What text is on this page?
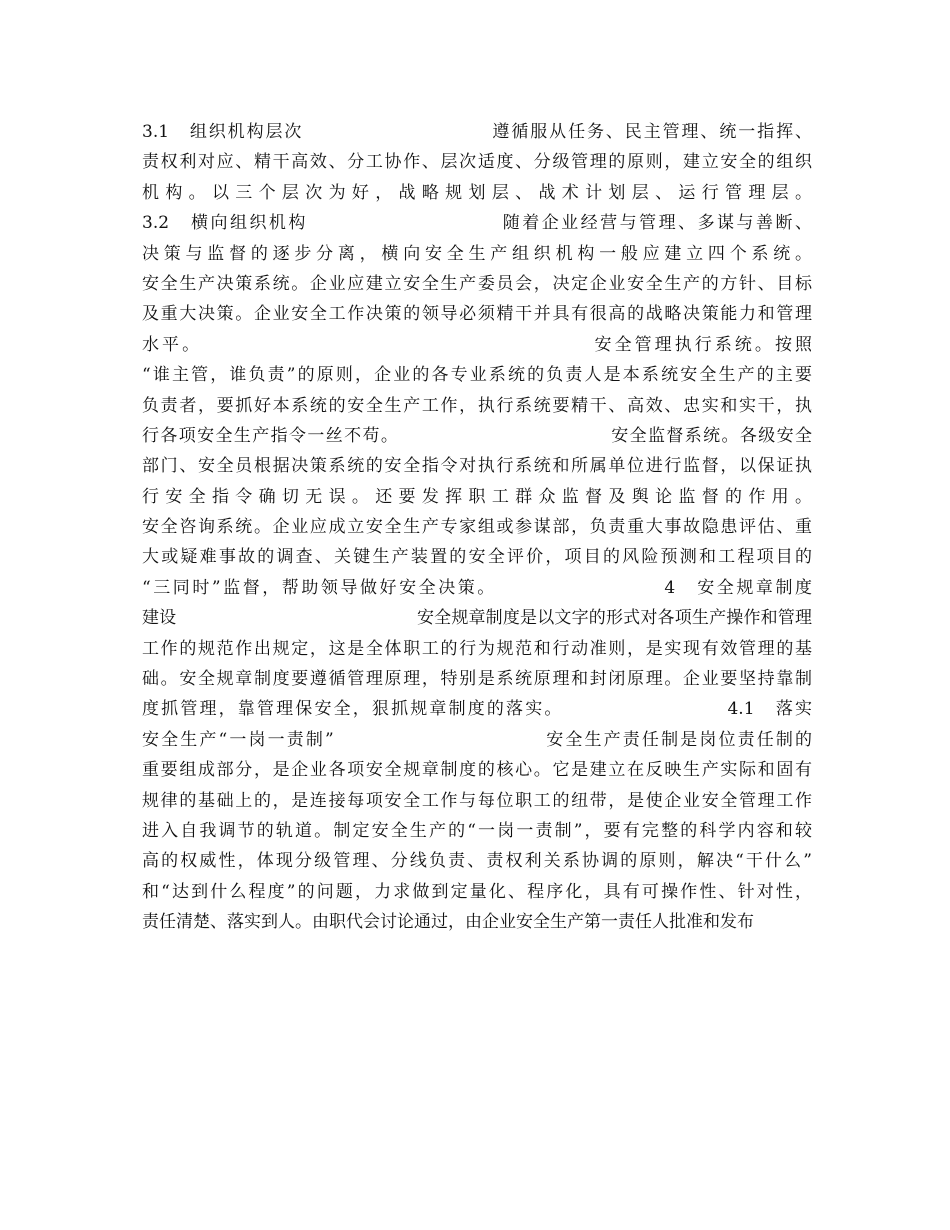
3.1　组织机构层次　　　　　　　　　　遵循服从任务、民主管理、统一指挥、
责权利对应、精干高效、分工协作、层次适度、分级管理的原则，建立安全的组织
机构。以三个层次为好，战略规划层、战术计划层、运行管理层。
3.2　横向组织机构　　　　　　　　　　随着企业经营与管理、多谋与善断、
决策与监督的逐步分离，横向安全生产组织机构一般应建立四个系统。
安全生产决策系统。企业应建立安全生产委员会，决定企业安全生产的方针、目标
及重大决策。企业安全工作决策的领导必须精干并具有很高的战略决策能力和管理
水平。　　　　　　　　　　　　　　　　　　　　安全管理执行系统。按照
“谁主管，谁负责”的原则，企业的各专业系统的负责人是本系统安全生产的主要
负责者，要抓好本系统的安全生产工作，执行系统要精干、高效、忠实和实干，执
行各项安全生产指令一丝不苟。　　　　　　　　　　　　安全监督系统。各级安全
部门、安全员根据决策系统的安全指令对执行系统和所属单位进行监督，以保证执
行安全指令确切无误。还要发挥职工群众监督及舆论监督的作用。
安全咨询系统。企业应成立安全生产专家组或参谋部，负责重大事故隐患评估、重
大或疑难事故的调查、关键生产装置的安全评价，项目的风险预测和工程项目的
“三同时”监督，帮助领导做好安全决策。　　　　　　　　　4　安全规章制度
建设　　　　　　　　　　　　　　安全规章制度是以文字的形式对各项生产操作和管理
工作的规范作出规定，这是全体职工的行为规范和行动准则，是实现有效管理的基
础。安全规章制度要遵循管理原理，特别是系统原理和封闭原理。企业要坚持靠制
度抓管理，靠管理保安全，狠抓规章制度的落实。　　　　　　　　　4.1　落实
安全生产“一岗一责制”　　　　　　　　　　　安全生产责任制是岗位责任制的
重要组成部分，是企业各项安全规章制度的核心。它是建立在反映生产实际和固有
规律的基础上的，是连接每项安全工作与每位职工的纽带，是使企业安全管理工作
进入自我调节的轨道。制定安全生产的“一岗一责制”，要有完整的科学内容和较
高的权威性，体现分级管理、分线负责、责权利关系协调的原则，解决“干什么”
和“达到什么程度”的问题，力求做到定量化、程序化，具有可操作性、针对性，
责任清楚、落实到人。由职代会讨论通过，由企业安全生产第一责任人批准和发布
